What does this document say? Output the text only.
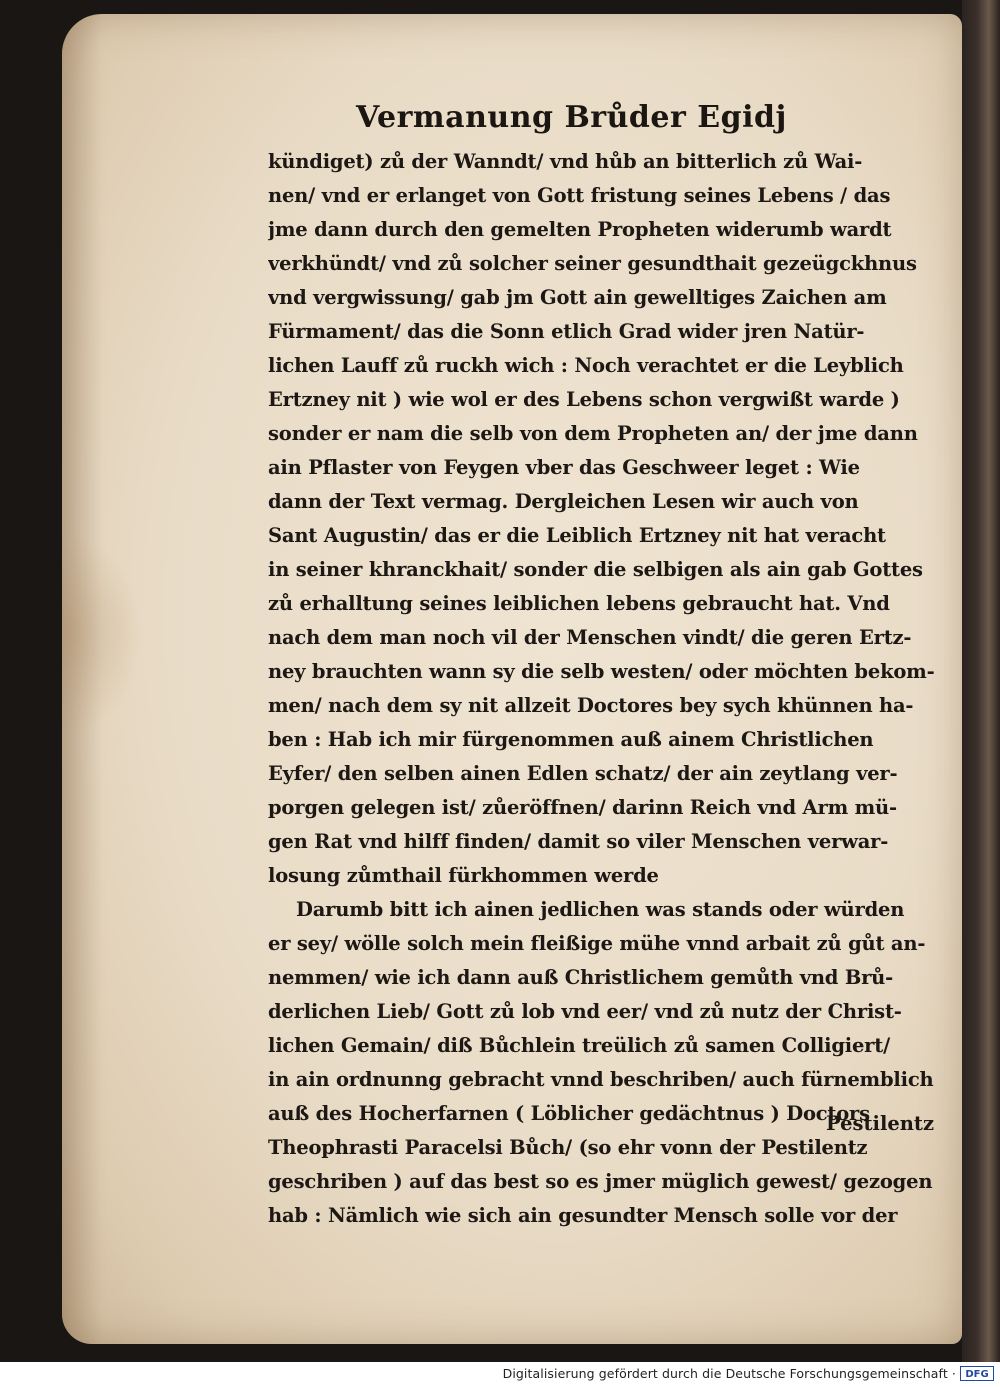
Vermanung Brůder Egidj
kündiget) zů der Wanndt/ vnd hůb an bitterlich zů Wai‑
nen/ vnd er erlanget von Gott fristung seines Lebens / das
jme dann durch den gemelten Propheten widerumb wardt
verkhündt/ vnd zů solcher seiner gesundthait gezeügckhnus
vnd vergwissung/ gab jm Gott ain gewelltiges Zaichen am
Fürmament/ das die Sonn etlich Grad wider jren Natür‑
lichen Lauff zů ruckh wich : Noch verachtet er die Leyblich
Ertzney nit ) wie wol er des Lebens schon vergwißt warde )
sonder er nam die selb von dem Propheten an/ der jme dann
ain Pflaster von Feygen vber das Geschweer leget : Wie
dann der Text vermag. Dergleichen Lesen wir auch von
Sant Augustin/ das er die Leiblich Ertzney nit hat veracht
in seiner khranckhait/ sonder die selbigen als ain gab Gottes
zů erhalltung seines leiblichen lebens gebraucht hat. Vnd
nach dem man noch vil der Menschen vindt/ die geren Ertz‑
ney brauchten wann sy die selb westen/ oder möchten bekom‑
men/ nach dem sy nit allzeit Doctores bey sych khünnen ha‑
ben : Hab ich mir fürgenommen auß ainem Christlichen
Eyfer/ den selben ainen Edlen schatz/ der ain zeytlang ver‑
porgen gelegen ist/ zůeröffnen/ darinn Reich vnd Arm mü‑
gen Rat vnd hilff finden/ damit so viler Menschen verwar‑
losung zůmthail fürkhommen werde
Darumb bitt ich ainen jedlichen was stands oder würden
er sey/ wölle solch mein fleißige mühe vnnd arbait zů gůt an‑
nemmen/ wie ich dann auß Christlichem gemůth vnd Brů‑
derlichen Lieb/ Gott zů lob vnd eer/ vnd zů nutz der Christ‑
lichen Gemain/ diß Bůchlein treülich zů samen Colligiert/
in ain ordnunng gebracht vnnd beschriben/ auch fürnemblich
auß des Hocherfarnen ( Löblicher gedächtnus ) Doctors
Theophrasti Paracelsi Bůch/ (so ehr vonn der Pestilentz
geschriben ) auf das best so es jmer müglich gewest/ gezogen
hab : Nämlich wie sich ain gesundter Mensch solle vor der
Pestilentz
Digitalisierung gefördert durch die Deutsche Forschungsgemeinschaft · DFG
